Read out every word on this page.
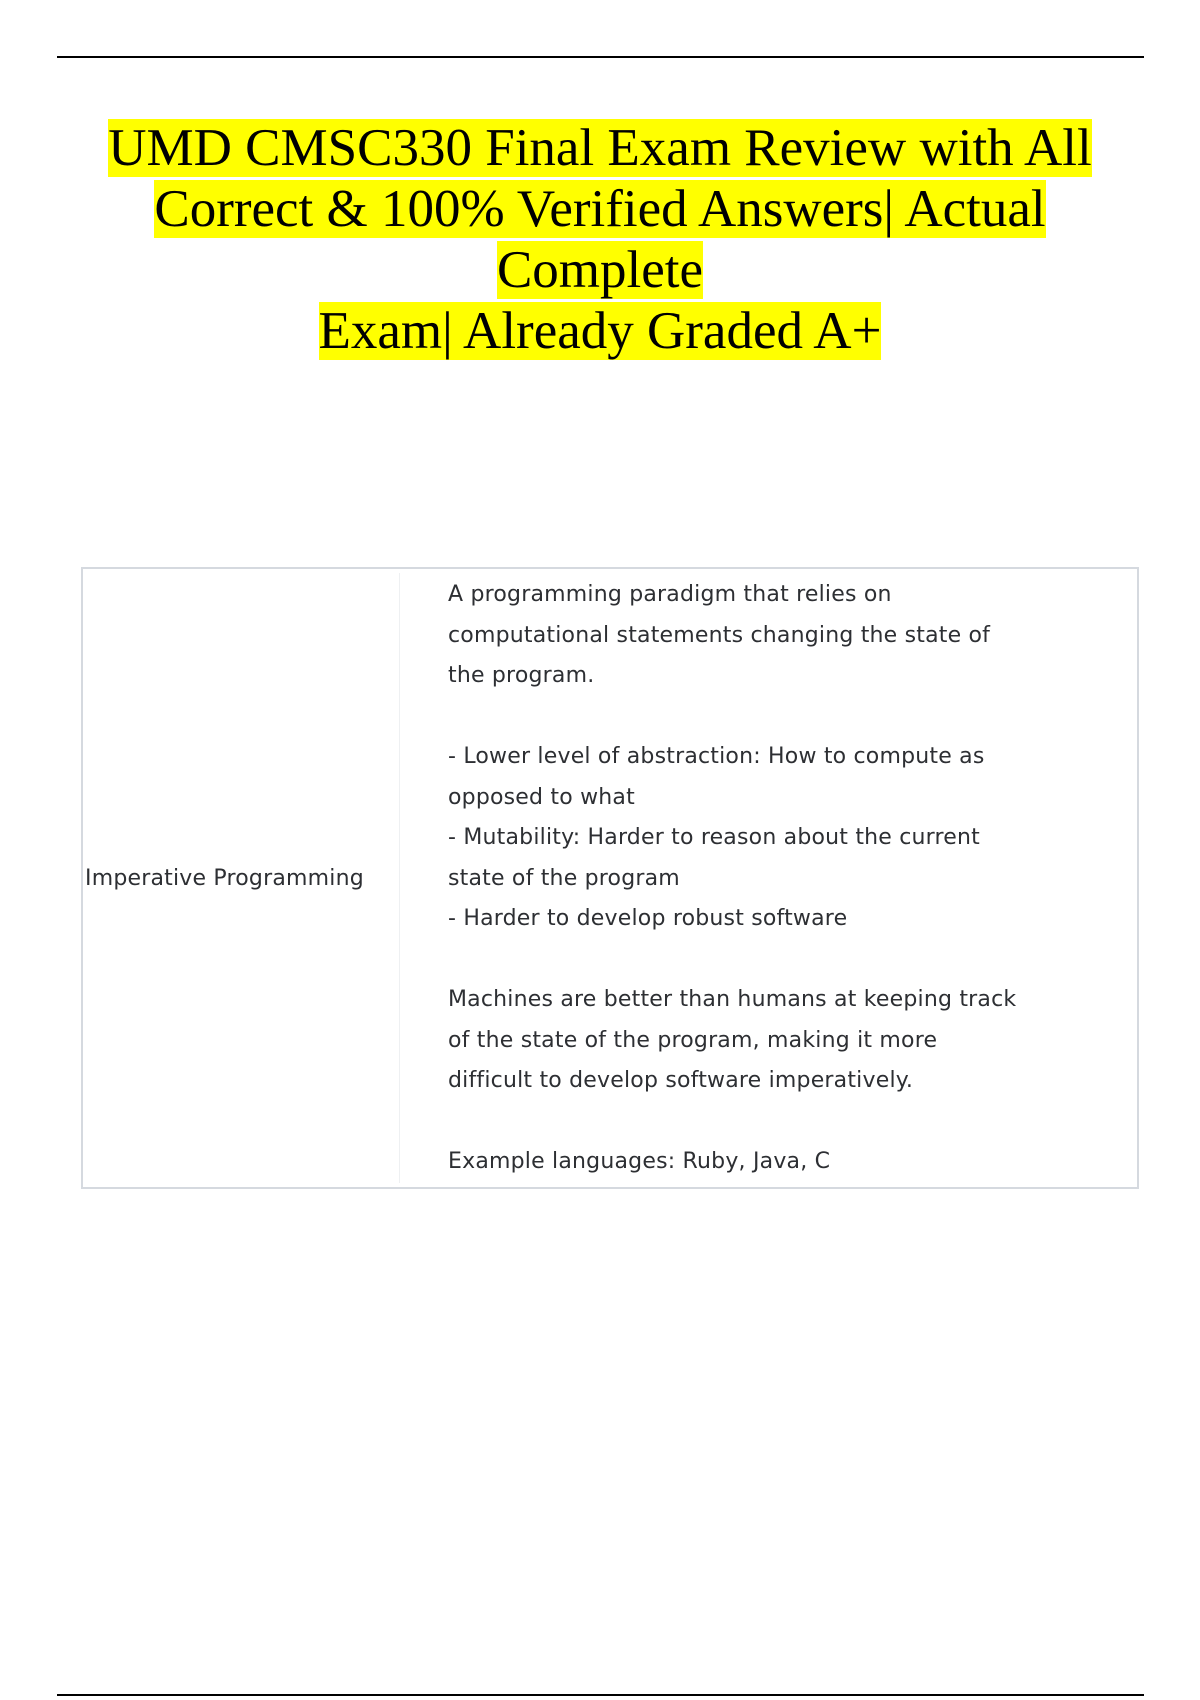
UMD CMSC330 Final Exam Review with All
Correct & 100% Verified Answers| Actual Complete
Exam| Already Graded A+
Imperative Programming

A programming paradigm that relies on
computational statements changing the state of
the program.

- Lower level of abstraction: How to compute as
opposed to what
- Mutability: Harder to reason about the current
state of the program
- Harder to develop robust software

Machines are better than humans at keeping track
of the state of the program, making it more
difficult to develop software imperatively.

Example languages: Ruby, Java, C
